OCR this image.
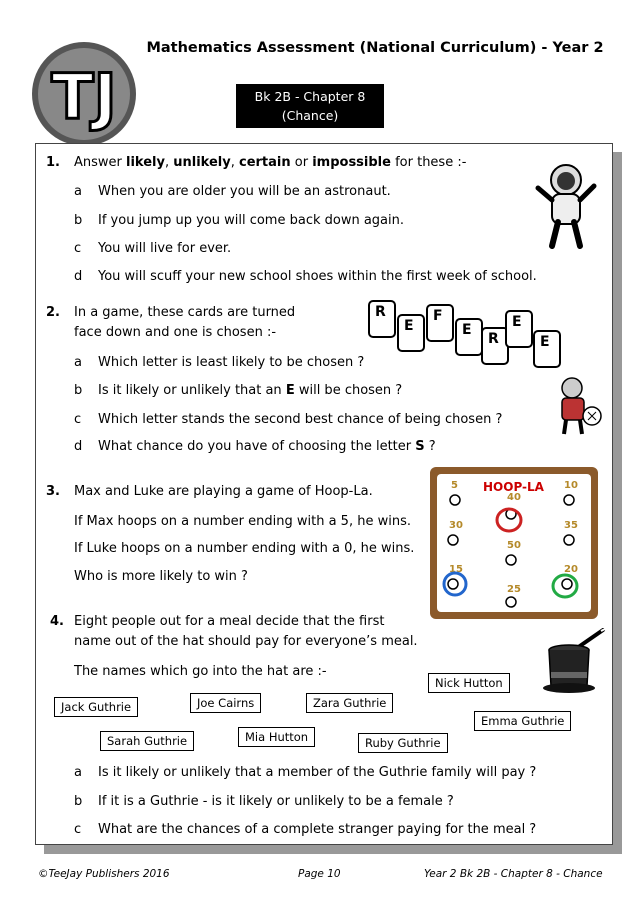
TJ
Mathematics Assessment (National Curriculum) - Year 2
Bk 2B - Chapter 8
(Chance)
1. Answer likely, unlikely, certain or impossible for these :-
a When you are older you will be an astronaut.
b If you jump up you will come back down again.
c You will live for ever.
d You will scuff your new school shoes within the first week of school.
2. In a game, these cards are turned
face down and one is chosen :-
R
E
F
E
R
E
E
a Which letter is least likely to be chosen ?
b Is it likely or unlikely that an E will be chosen ?
c Which letter stands the second best chance of being chosen ?
d What chance do you have of choosing the letter S ?
3. Max and Luke are playing a game of Hoop-La.
If Max hoops on a number ending with a 5, he wins.
If Luke hoops on a number ending with a 0, he wins.
Who is more likely to win ?
HOOP-LA
5	10
40
30	35
50
15	20
25
4. Eight people out for a meal decide that the first
name out of the hat should pay for everyone’s meal.
The names which go into the hat are :-
Nick Hutton
Jack Guthrie	Joe Cairns	Zara Guthrie
Emma Guthrie
Sarah Guthrie	Mia Hutton	Ruby Guthrie
a Is it likely or unlikely that a member of the Guthrie family will pay ?
b If it is a Guthrie - is it likely or unlikely to be a female ?
c What are the chances of a complete stranger paying for the meal ?
©TeeJay Publishers 2016	Page 10	Year 2 Bk 2B - Chapter 8 - Chance
